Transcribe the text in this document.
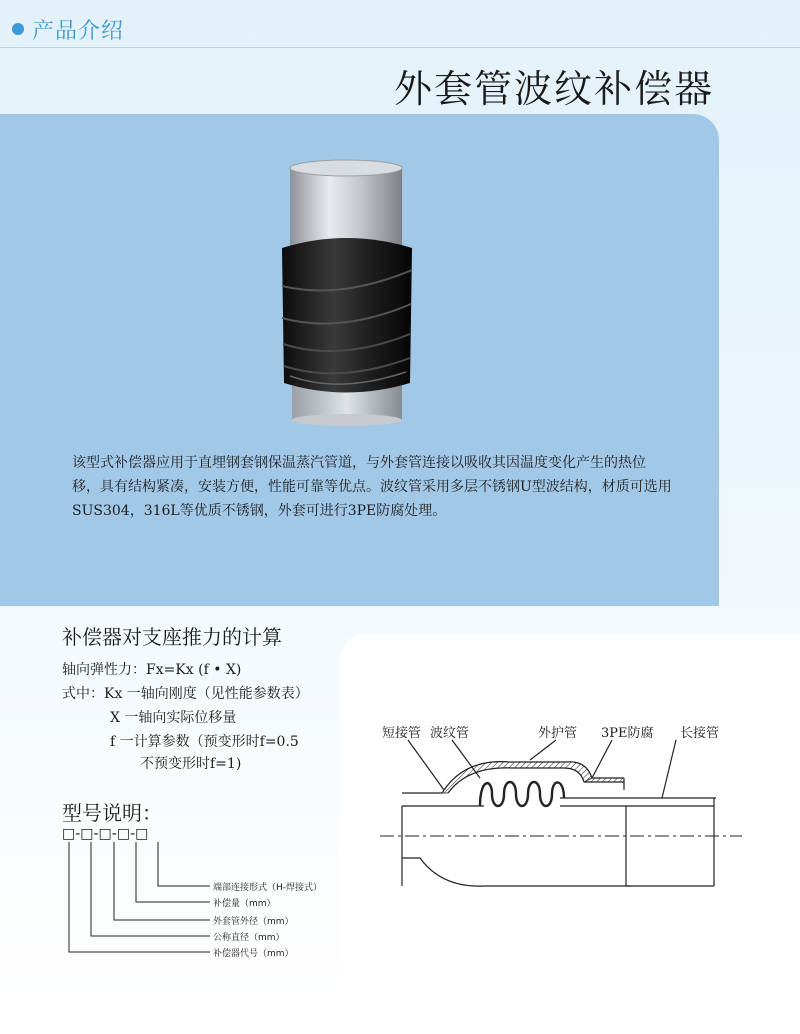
产品介绍
外套管波纹补偿器
该型式补偿器应用于直埋钢套钢保温蒸汽管道，与外套管连接以吸收其因温度变化产生的热位移，具有结构紧凑，安装方便，性能可靠等优点。波纹管采用多层不锈钢U型波结构，材质可选用SUS304，316L等优质不锈钢，外套可进行3PE防腐处理。
补偿器对支座推力的计算
轴向弹性力：Fx=Kx (f • X)
式中：Kx 一轴向刚度（见性能参数表）
X 一轴向实际位移量
f 一计算参数（预变形时f=0.5
不预变形时f=1)
型号说明：
□-□-□-□-□
端部连接形式（H-焊接式）
补偿量（mm）
外套管外径（mm）
公称直径（mm）
补偿器代号（mm）
短接管 波纹管	外护管 3PE防腐 长接管
